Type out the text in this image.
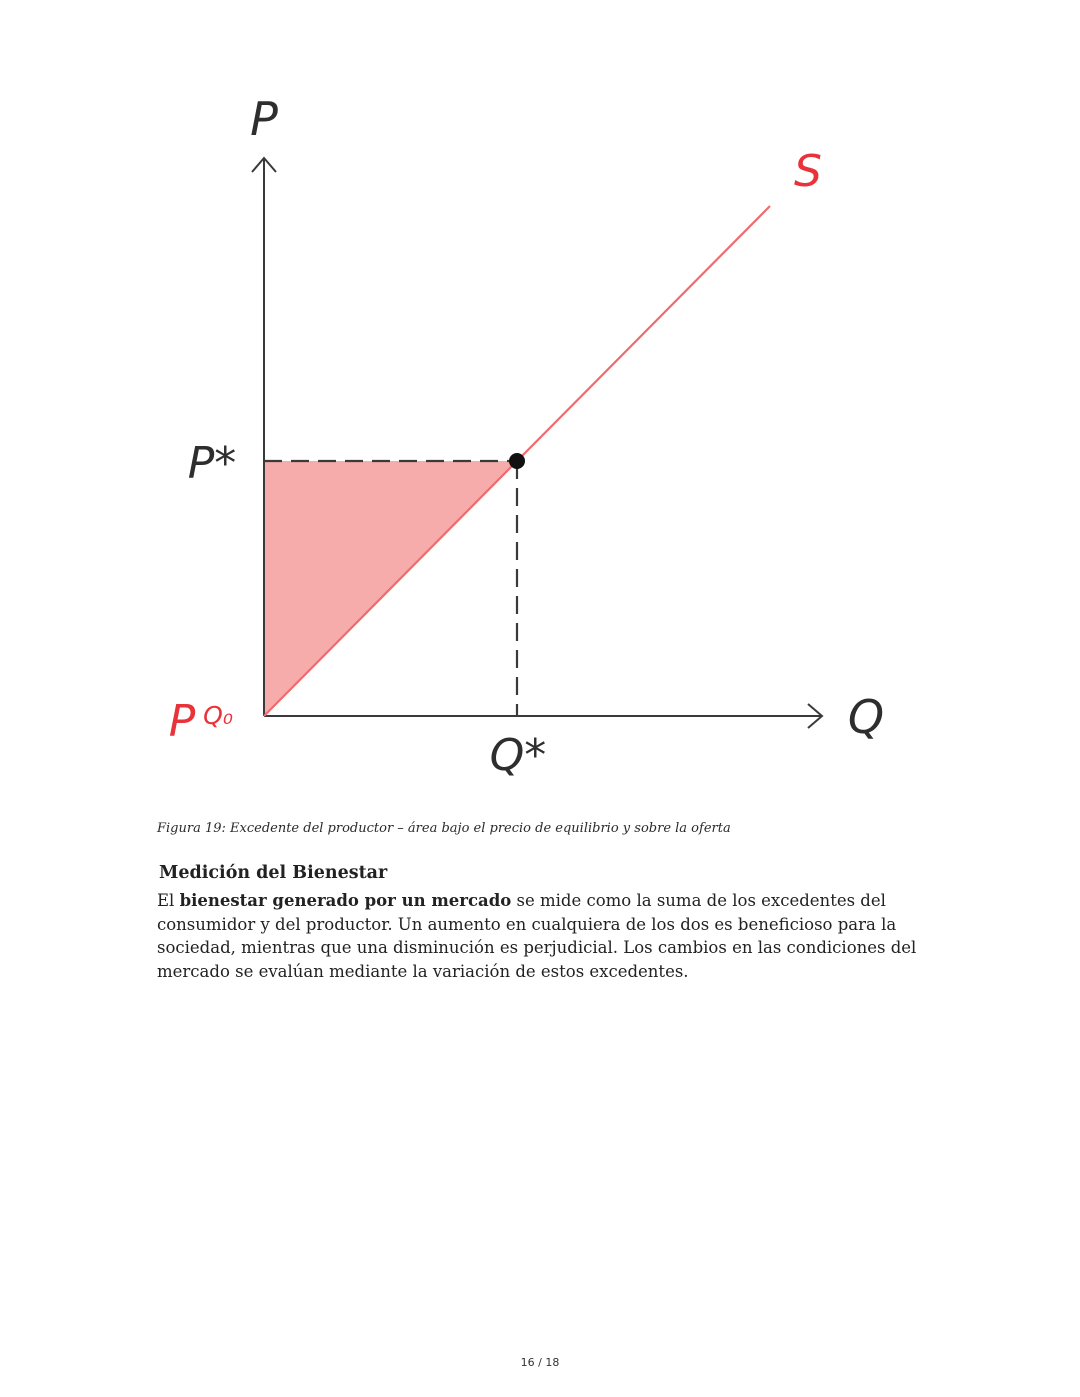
P
Q
S
P*
Q*
P Q₀
Figura 19: Excedente del productor – área bajo el precio de equilibrio y sobre la oferta
Medición del Bienestar

El bienestar generado por un mercado se mide como la suma de los excedentes del consumidor y del productor. Un aumento en cualquiera de los dos es beneficioso para la sociedad, mientras que una disminución es perjudicial. Los cambios en las condiciones del mercado se evalúan mediante la variación de estos excedentes.

16 / 18
